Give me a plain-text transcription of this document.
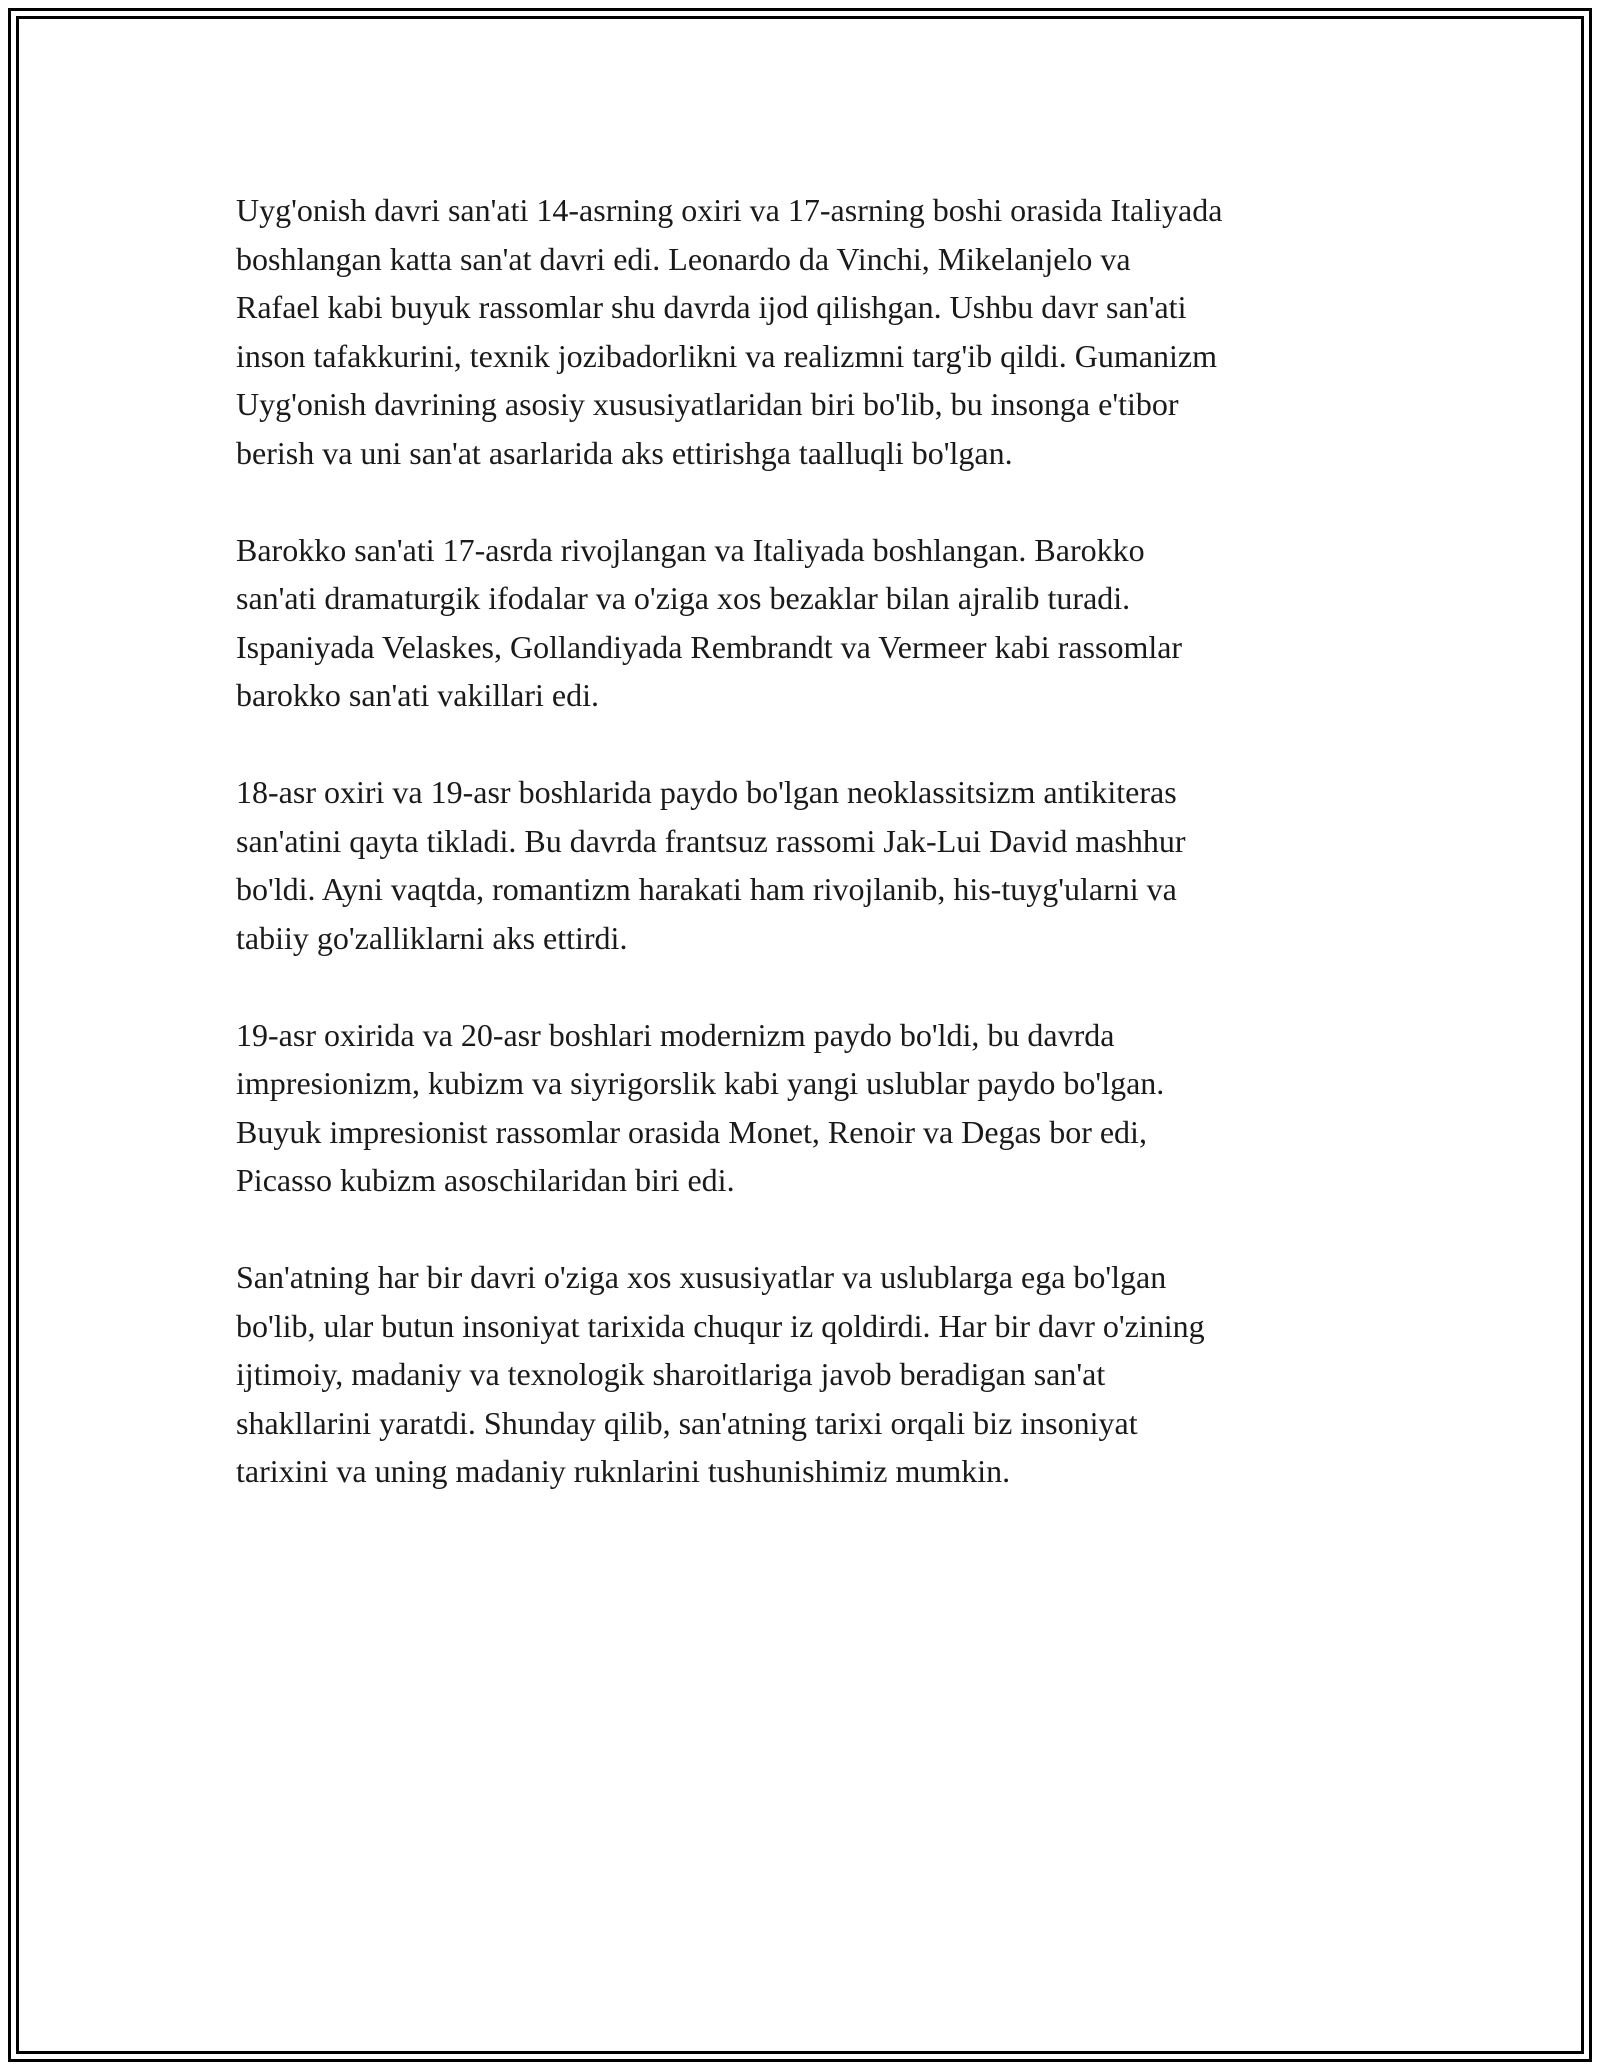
Uyg'onish davri san'ati 14-asrning oxiri va 17-asrning boshi orasida Italiyada
boshlangan katta san'at davri edi. Leonardo da Vinchi, Mikelanjelo va
Rafael kabi buyuk rassomlar shu davrda ijod qilishgan. Ushbu davr san'ati
inson tafakkurini, texnik jozibadorlikni va realizmni targ'ib qildi. Gumanizm
Uyg'onish davrining asosiy xususiyatlaridan biri bo'lib, bu insonga e'tibor
berish va uni san'at asarlarida aks ettirishga taalluqli bo'lgan.

Barokko san'ati 17-asrda rivojlangan va Italiyada boshlangan. Barokko
san'ati dramaturgik ifodalar va o'ziga xos bezaklar bilan ajralib turadi.
Ispaniyada Velaskes, Gollandiyada Rembrandt va Vermeer kabi rassomlar
barokko san'ati vakillari edi.

18-asr oxiri va 19-asr boshlarida paydo bo'lgan neoklassitsizm antikiteras
san'atini qayta tikladi. Bu davrda frantsuz rassomi Jak-Lui David mashhur
bo'ldi. Ayni vaqtda, romantizm harakati ham rivojlanib, his-tuyg'ularni va
tabiiy go'zalliklarni aks ettirdi.

19-asr oxirida va 20-asr boshlari modernizm paydo bo'ldi, bu davrda
impresionizm, kubizm va siyrigorslik kabi yangi uslublar paydo bo'lgan.
Buyuk impresionist rassomlar orasida Monet, Renoir va Degas bor edi,
Picasso kubizm asoschilaridan biri edi.

San'atning har bir davri o'ziga xos xususiyatlar va uslublarga ega bo'lgan
bo'lib, ular butun insoniyat tarixida chuqur iz qoldirdi. Har bir davr o'zining
ijtimoiy, madaniy va texnologik sharoitlariga javob beradigan san'at
shakllarini yaratdi. Shunday qilib, san'atning tarixi orqali biz insoniyat
tarixini va uning madaniy ruknlarini tushunishimiz mumkin.
